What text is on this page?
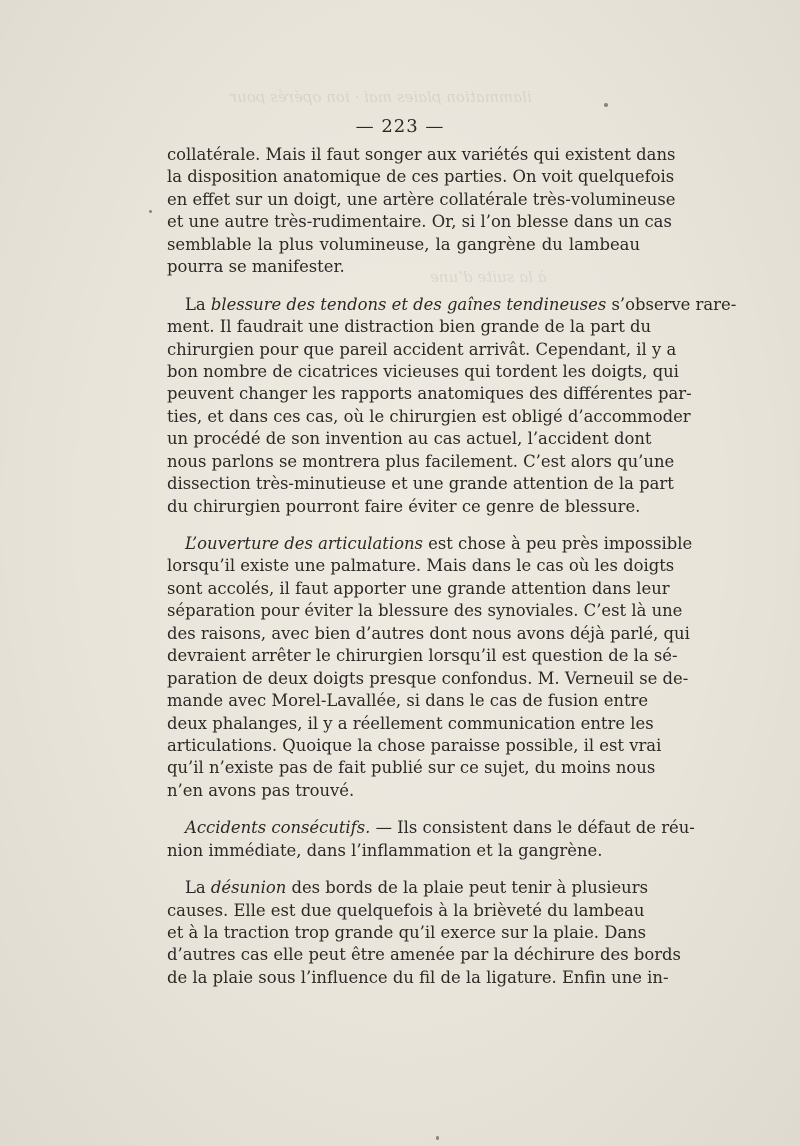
ilammation plaies mai · ion opérés pour
à la suite d’une
— 223 —
collatérale. Mais il faut songer aux variétés qui existent dans
la disposition anatomique de ces parties. On voit quelquefois
en effet sur un doigt, une artère collatérale très-volumineuse
et une autre très-rudimentaire. Or, si l’on blesse dans un cas
semblable la plus volumineuse, la gangrène du lambeau
pourra se manifester.
La blessure des tendons et des gaînes tendineuses s’observe rare-
ment. Il faudrait une distraction bien grande de la part du
chirurgien pour que pareil accident arrivât. Cependant, il y a
bon nombre de cicatrices vicieuses qui tordent les doigts, qui
peuvent changer les rapports anatomiques des différentes par-
ties, et dans ces cas, où le chirurgien est obligé d’accommoder
un procédé de son invention au cas actuel, l’accident dont
nous parlons se montrera plus facilement. C’est alors qu’une
dissection très-minutieuse et une grande attention de la part
du chirurgien pourront faire éviter ce genre de blessure.
L’ouverture des articulations est chose à peu près impossible
lorsqu’il existe une palmature. Mais dans le cas où les doigts
sont accolés, il faut apporter une grande attention dans leur
séparation pour éviter la blessure des synoviales. C’est là une
des raisons, avec bien d’autres dont nous avons déjà parlé, qui
devraient arrêter le chirurgien lorsqu’il est question de la sé-
paration de deux doigts presque confondus. M. Verneuil se de-
mande avec Morel-Lavallée, si dans le cas de fusion entre
deux phalanges, il y a réellement communication entre les
articulations. Quoique la chose paraisse possible, il est vrai
qu’il n’existe pas de fait publié sur ce sujet, du moins nous
n’en avons pas trouvé.
Accidents consécutifs. — Ils consistent dans le défaut de réu-
nion immédiate, dans l’inflammation et la gangrène.
La désunion des bords de la plaie peut tenir à plusieurs
causes. Elle est due quelquefois à la brièveté du lambeau
et à la traction trop grande qu’il exerce sur la plaie. Dans
d’autres cas elle peut être amenée par la déchirure des bords
de la plaie sous l’influence du fil de la ligature. Enfin une in-
